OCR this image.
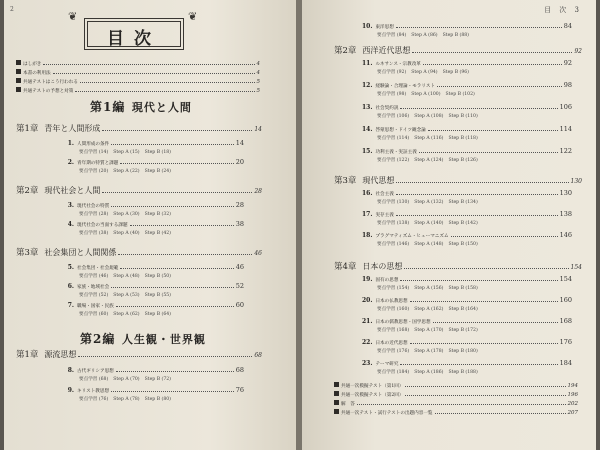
2
❦
目次
❦
はしがき	4
本書の利用法	4
共通テストはこう行われる	5
共通テストの予想と対策	5
第1編
  現代と人間
第1章 青年と人間形成	14
1. 人間形成の条件	14
要点学習 (14) Step A (15) Step B (18)
2. 青年期の特質と課題	20
要点学習 (20) Step A (22) Step B (24)
第2章 現代社会と人間	28
3. 現代社会の特質	28
要点学習 (28) Step A (30) Step B (32)
4. 現代社会の当面する課題	38
要点学習 (38) Step A (40) Step B (42)
第3章 社会集団と人間関係	46
5. 社会集団・社会規範	46
要点学習 (46) Step A (48) Step B (50)
6. 家族・地域社会	52
要点学習 (52) Step A (53) Step B (55)
7. 職場・国家・民族	60
要点学習 (60) Step A (62) Step B (64)
第2編
  人生観・世界観
第1章 源流思想	68
8. 古代ギリシア思想	68
要点学習 (68) Step A (70) Step B (72)
9. キリスト教思想	76
要点学習 (76) Step A (78) Step B (80)
目 次 3
10. 東洋思想	84
要点学習 (84) Step A (86) Step B (88)
第2章 西洋近代思想	92
11. ルネサンス・宗教改革	92
要点学習 (92) Step A (94) Step B (96)
12. 経験論・合理論・モラリスト	98
要点学習 (98) Step A (100) Step B (102)
13. 社会契約説	106
要点学習 (106) Step A (108) Step B (110)
14. 啓蒙思想・ドイツ観念論	114
要点学習 (114) Step A (116) Step B (118)
15. 功利主義・実証主義	122
要点学習 (122) Step A (124) Step B (126)
第3章 現代思想	130
16. 社会主義	130
要点学習 (130) Step A (132) Step B (134)
17. 実存主義	138
要点学習 (138) Step A (140) Step B (142)
18. プラグマティズム・ヒューマニズム	146
要点学習 (146) Step A (148) Step B (150)
第4章 日本の思想	154
19. 固有の思想	154
要点学習 (154) Step A (156) Step B (158)
20. 日本の仏教思想	160
要点学習 (160) Step A (162) Step B (164)
21. 日本の儒教思想・国学思想	168
要点学習 (168) Step A (170) Step B (172)
22. 日本の近代思想	176
要点学習 (176) Step A (178) Step B (180)
23. テーマ研究	184
要点学習 (184) Step A (186) Step B (188)
共通一次模擬テスト（第1回）	194
共通一次模擬テスト（第2回）	196
解　答	202
共通一次テスト・試行テストの出題内容一覧	207
